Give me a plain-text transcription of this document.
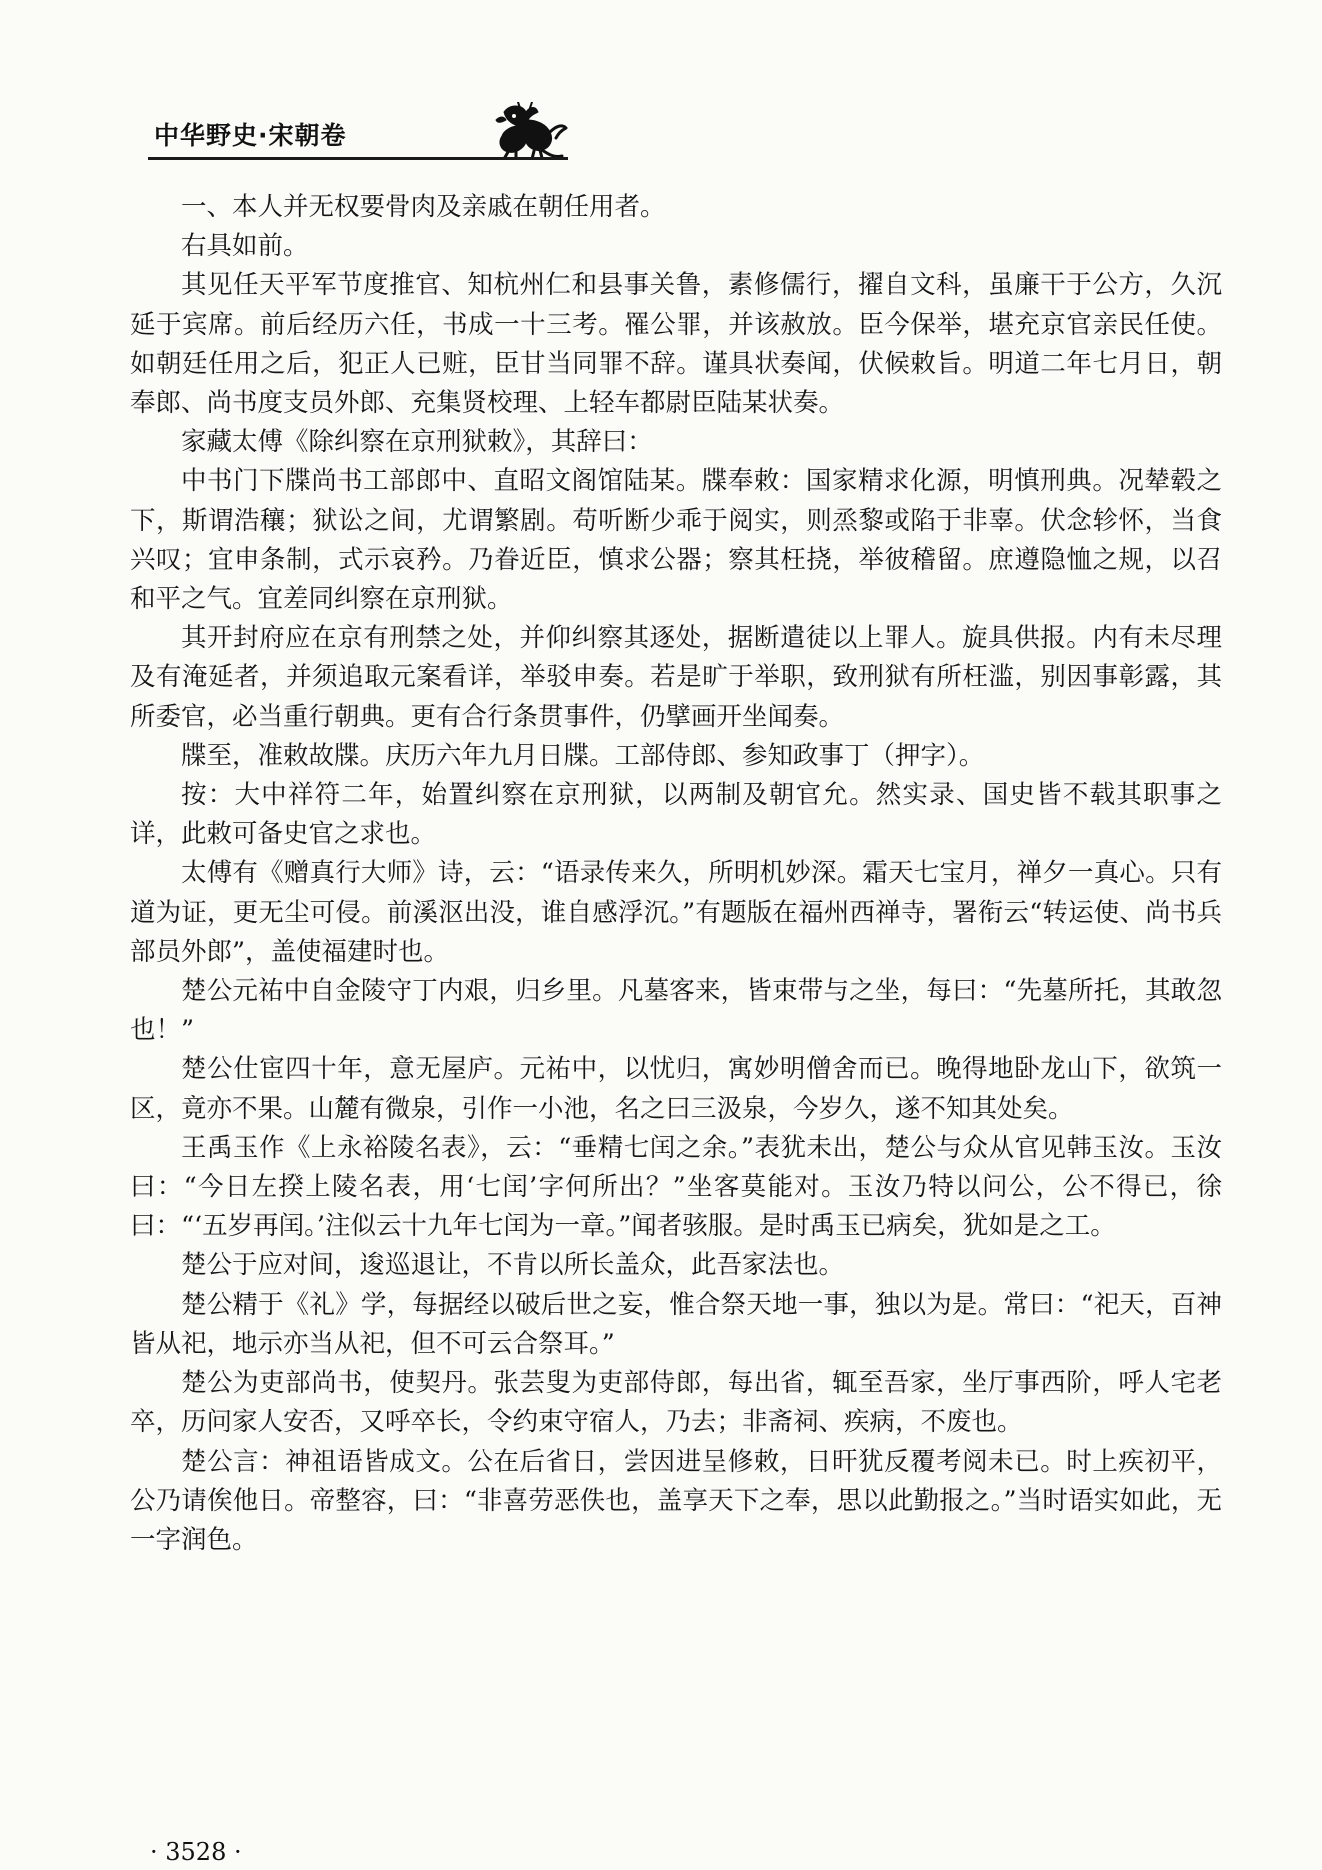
中华野史·宋朝卷

一、本人并无权要骨肉及亲戚在朝任用者。

右具如前。

其见任天平军节度推官、知杭州仁和县事关鲁，素修儒行，擢自文科，虽廉干于公方，久沉延于宾席。前后经历六任，书成一十三考。罹公罪，并该赦放。臣今保举，堪充京官亲民任使。如朝廷任用之后，犯正人已赃，臣甘当同罪不辞。谨具状奏闻，伏候敕旨。明道二年七月日，朝奉郎、尚书度支员外郎、充集贤校理、上轻车都尉臣陆某状奏。

家藏太傅《除纠察在京刑狱敕》，其辞曰：

中书门下牒尚书工部郎中、直昭文阁馆陆某。牒奉敕：国家精求化源，明慎刑典。况辇毂之下，斯谓浩穰；狱讼之间，尤谓繁剧。苟听断少乖于阅实，则烝黎或陷于非辜。伏念轸怀，当食兴叹；宜申条制，式示哀矜。乃眷近臣，慎求公器；察其枉挠，举彼稽留。庶遵隐恤之规，以召和平之气。宜差同纠察在京刑狱。

其开封府应在京有刑禁之处，并仰纠察其逐处，据断遣徒以上罪人。旋具供报。内有未尽理及有淹延者，并须追取元案看详，举驳申奏。若是旷于举职，致刑狱有所枉滥，别因事彰露，其所委官，必当重行朝典。更有合行条贯事件，仍擘画开坐闻奏。

牒至，准敕故牒。庆历六年九月日牒。工部侍郎、参知政事丁（押字）。

按：大中祥符二年，始置纠察在京刑狱，以两制及朝官允。然实录、国史皆不载其职事之详，此敕可备史官之求也。

太傅有《赠真行大师》诗，云：“语录传来久，所明机妙深。霜天七宝月，禅夕一真心。只有道为证，更无尘可侵。前溪沤出没，谁自感浮沉。”有题版在福州西禅寺，署衔云“转运使、尚书兵部员外郎”，盖使福建时也。

楚公元祐中自金陵守丁内艰，归乡里。凡墓客来，皆束带与之坐，每曰：“先墓所托，其敢忽也！”

楚公仕宦四十年，意无屋庐。元祐中，以忧归，寓妙明僧舍而已。晚得地卧龙山下，欲筑一区，竟亦不果。山麓有微泉，引作一小池，名之曰三汲泉，今岁久，遂不知其处矣。

王禹玉作《上永裕陵名表》，云：“垂精七闰之余。”表犹未出，楚公与众从官见韩玉汝。玉汝曰：“今日左揆上陵名表，用‘七闰’字何所出？”坐客莫能对。玉汝乃特以问公，公不得已，徐曰：“‘五岁再闰。’注似云十九年七闰为一章。”闻者骇服。是时禹玉已病矣，犹如是之工。

楚公于应对间，逡巡退让，不肯以所长盖众，此吾家法也。

楚公精于《礼》学，每据经以破后世之妄，惟合祭天地一事，独以为是。常曰：“祀天，百神皆从祀，地示亦当从祀，但不可云合祭耳。”

楚公为吏部尚书，使契丹。张芸叟为吏部侍郎，每出省，辄至吾家，坐厅事西阶，呼人宅老卒，历问家人安否，又呼卒长，令约束守宿人，乃去；非斋祠、疾病，不废也。

楚公言：神祖语皆成文。公在后省日，尝因进呈修敕，日旰犹反覆考阅未已。时上疾初平，公乃请俟他日。帝整容，曰：“非喜劳恶佚也，盖享天下之奉，思以此勤报之。”当时语实如此，无一字润色。

· 3528 ·
